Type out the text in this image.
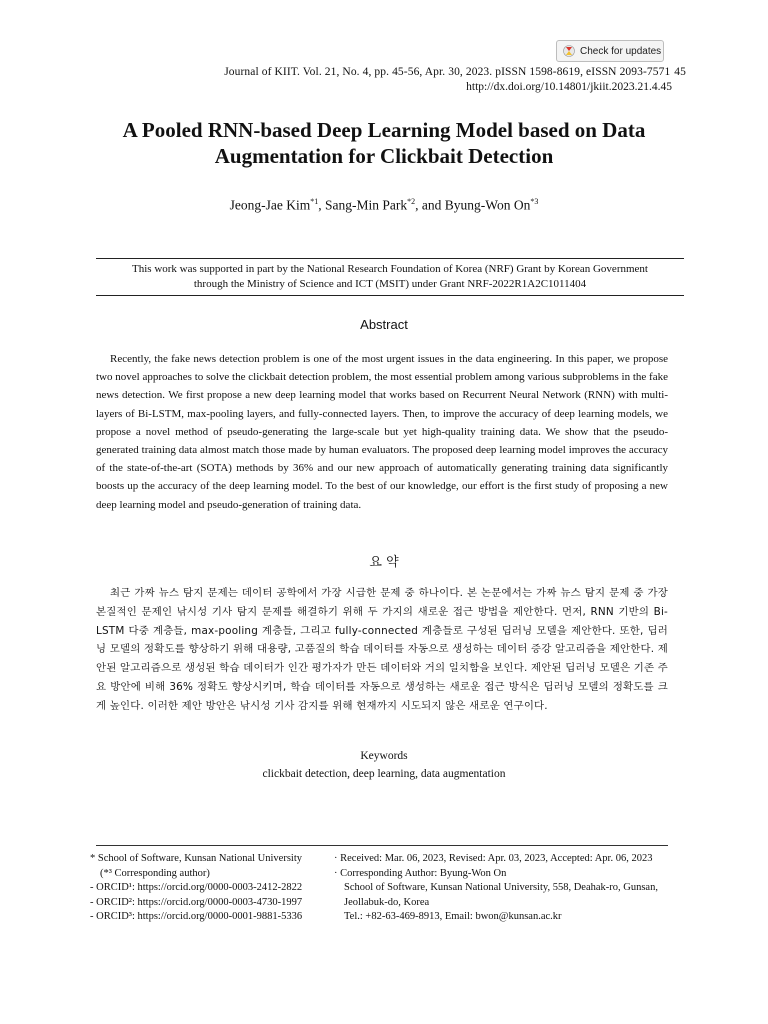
Check for updates
Journal of KIIT. Vol. 21, No. 4, pp. 45-56, Apr. 30, 2023. pISSN 1598-8619, eISSN 2093-7571 45
http://dx.doi.org/10.14801/jkiit.2023.21.4.45
A Pooled RNN-based Deep Learning Model based on Data
Augmentation for Clickbait Detection
Jeong-Jae Kim$^{*1}$, Sang-Min Park$^{*2}$, and Byung-Won On$^{*3}$
This work was supported in part by the National Research Foundation of Korea (NRF) Grant by Korean Government
through the Ministry of Science and ICT (MSIT) under Grant NRF-2022R1A2C1011404
Abstract

Recently, the fake news detection problem is one of the most urgent issues in the data engineering. In this paper, we propose two novel approaches to solve the clickbait detection problem, the most essential problem among various subproblems in the fake news detection. We first propose a new deep learning model that works based on Recurrent Neural Network (RNN) with multi-layers of Bi-LSTM, max-pooling layers, and fully-connected layers. Then, to improve the accuracy of deep learning models, we propose a novel method of pseudo-generating the large-scale but yet high-quality training data. We show that the pseudo-generated training data almost match those made by human evaluators. The proposed deep learning model improves the accuracy of the state-of-the-art (SOTA) methods by 36% and our new approach of automatically generating training data significantly boosts up the accuracy of the deep learning model. To the best of our knowledge, our effort is the first study of proposing a new deep learning model and pseudo-generation of training data.

요 약

최근 가짜 뉴스 탐지 문제는 데이터 공학에서 가장 시급한 문제 중 하나이다. 본 논문에서는 가짜 뉴스 탐지 문제 중 가장 본질적인 문제인 낚시성 기사 탐지 문제를 해결하기 위해 두 가지의 새로운 접근 방법을 제안한다. 먼저, RNN 기반의 Bi-LSTM 다중 계층들, max-pooling 계층들, 그리고 fully-connected 계층들로 구성된 딥러닝 모델을 제안한다. 또한, 딥러닝 모델의 정확도를 향상하기 위해 대용량, 고품질의 학습 데이터를 자동으로 생성하는 데이터 증강 알고리즘을 제안한다. 제안된 알고리즘으로 생성된 학습 데이터가 인간 평가자가 만든 데이터와 거의 일치함을 보인다. 제안된 딥러닝 모델은 기존 주요 방안에 비해 36% 정확도 향상시키며, 학습 데이터를 자동으로 생성하는 새로운 접근 방식은 딥러닝 모델의 정확도를 크게 높인다. 이러한 제안 방안은 낚시성 기사 감지를 위해 현재까지 시도되지 않은 새로운 연구이다.

Keywords
clickbait detection, deep learning, data augmentation
* School of Software, Kunsan National University
(*³ Corresponding author)
- ORCID¹: https://orcid.org/0000-0003-2412-2822
- ORCID²: https://orcid.org/0000-0003-4730-1997
- ORCID³: https://orcid.org/0000-0001-9881-5336
· Received: Mar. 06, 2023, Revised: Apr. 03, 2023, Accepted: Apr. 06, 2023
· Corresponding Author: Byung-Won On
School of Software, Kunsan National University, 558, Deahak-ro, Gunsan,
Jeollabuk-do, Korea
Tel.: +82-63-469-8913, Email: bwon@kunsan.ac.kr
